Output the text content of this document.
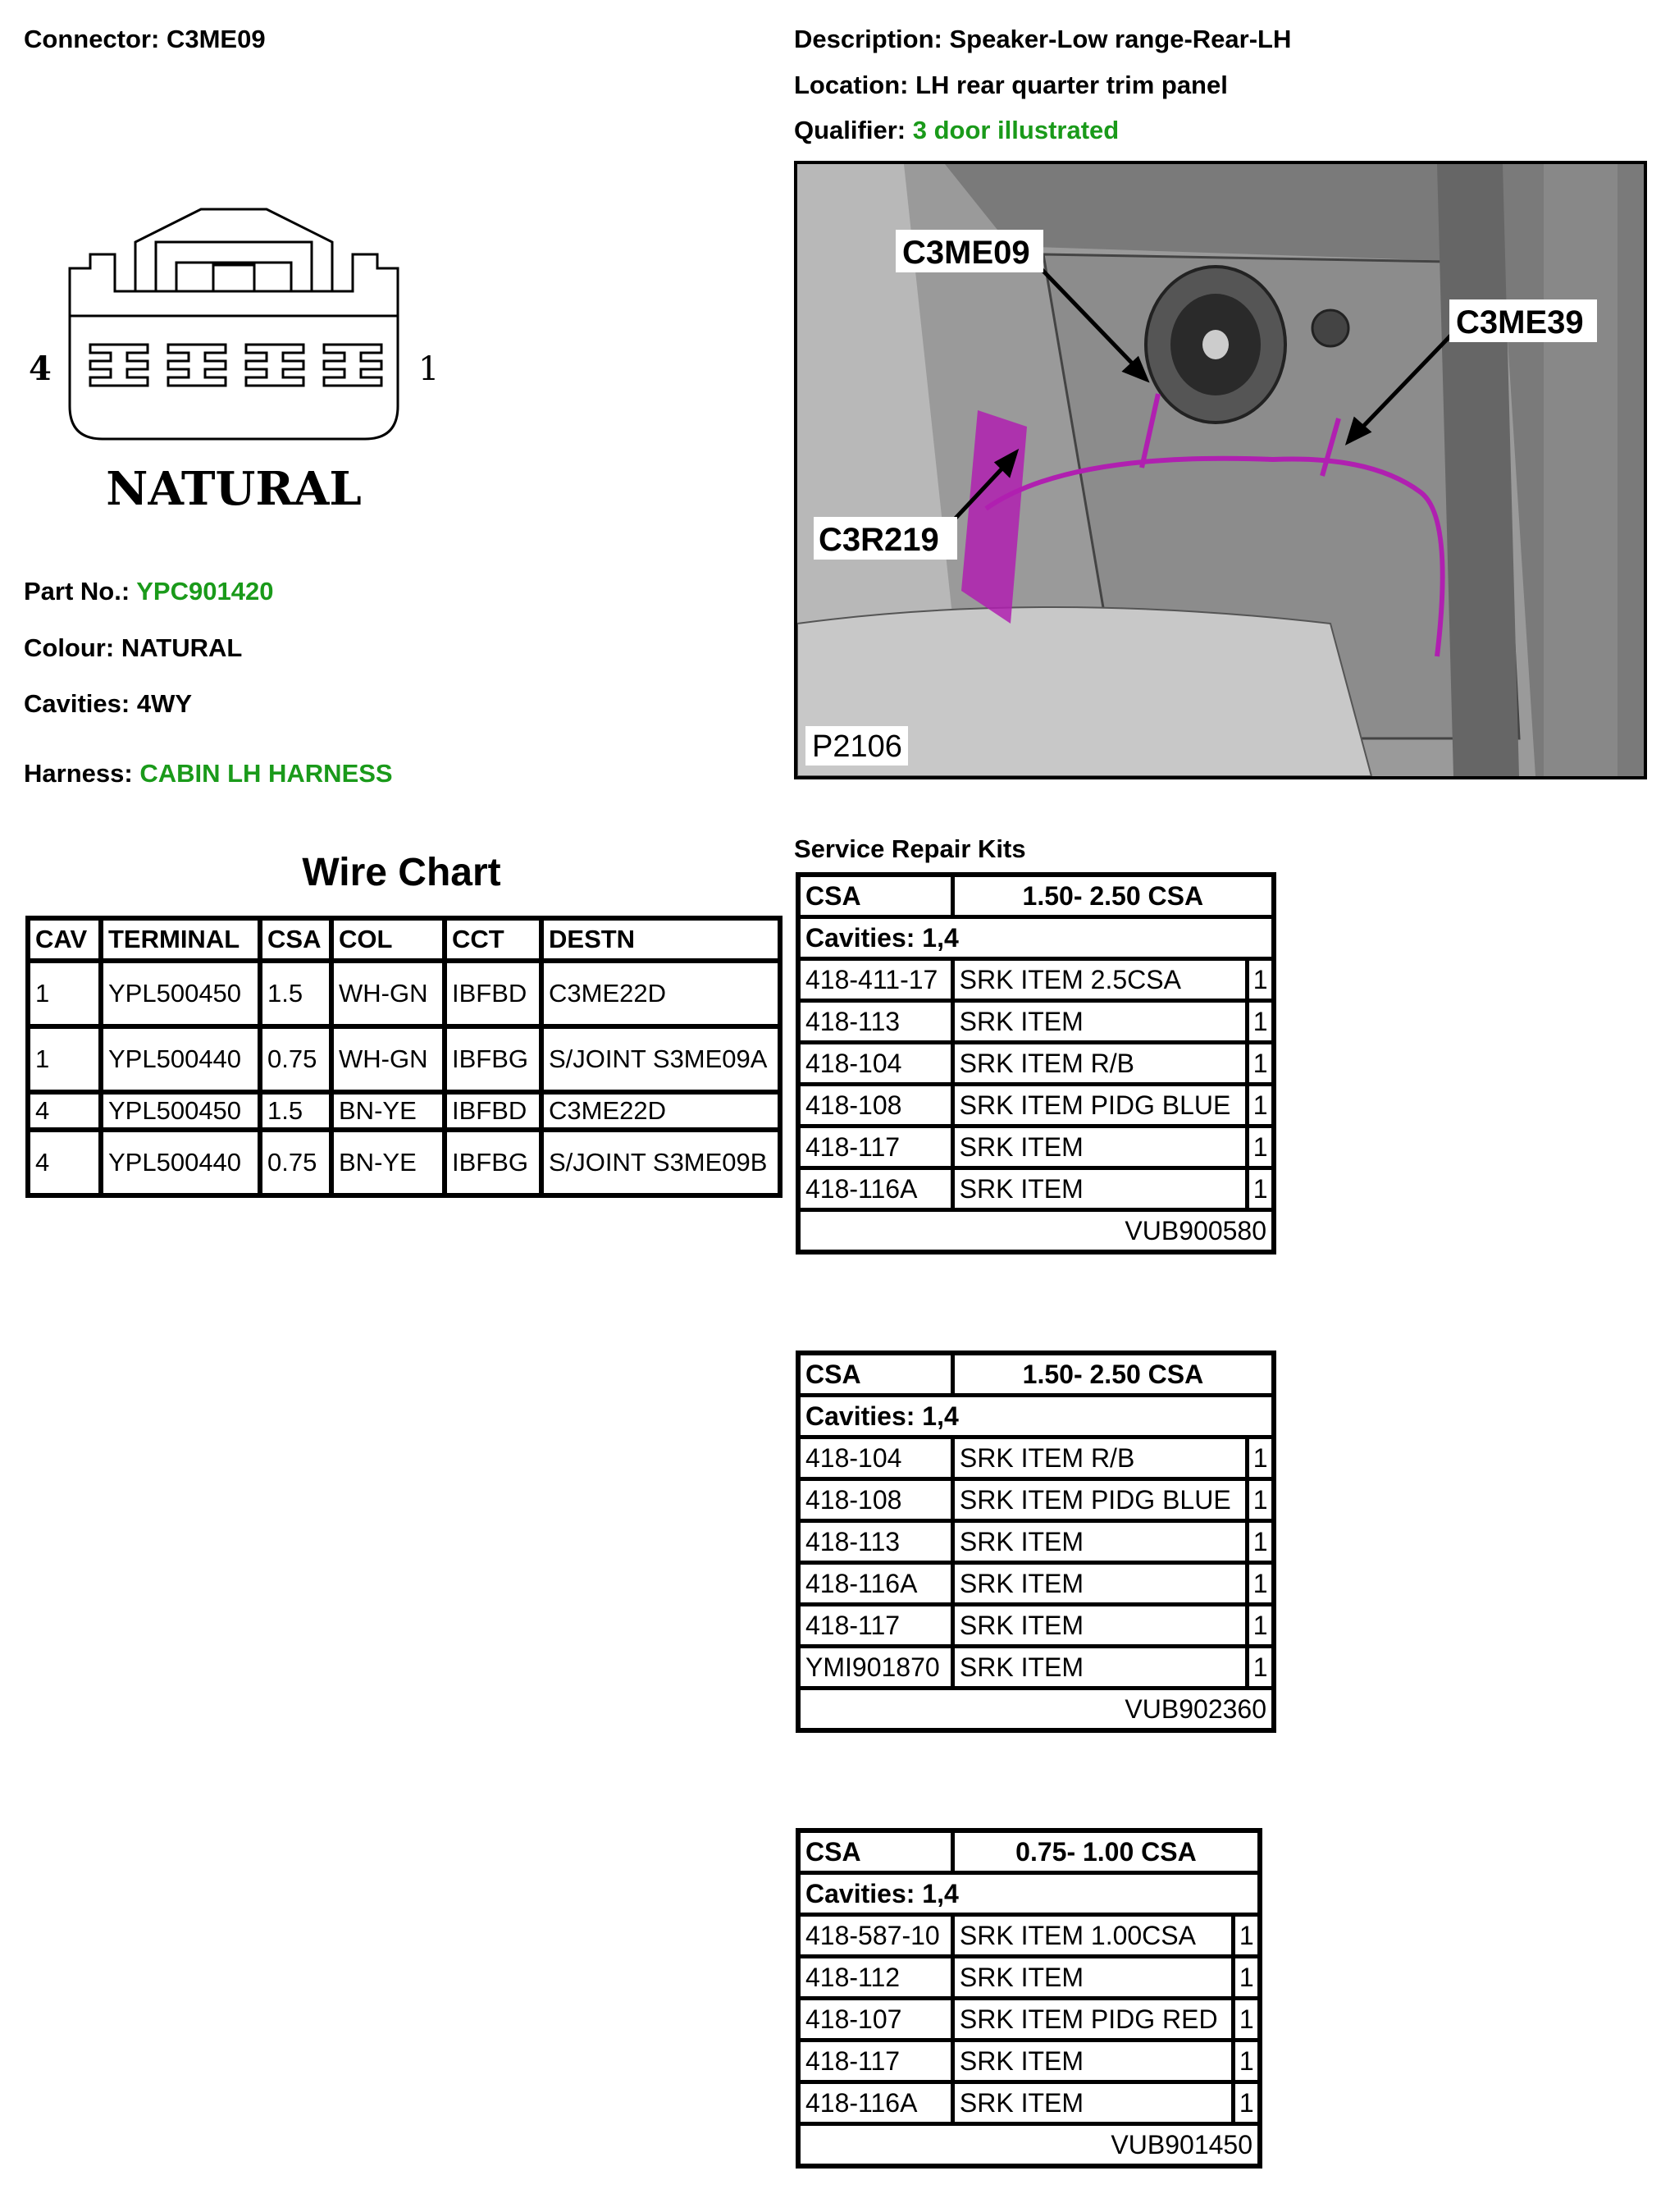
Connector: C3ME09
4	1
NATURAL
Part No.: YPC901420
Colour: NATURAL
Cavities: 4WY
Harness: CABIN LH HARNESS
Description: Speaker-Low range-Rear-LH
Location: LH rear quarter trim panel
Qualifier: 3 door illustrated
C3ME09
C3ME39
C3R219
P2106
Wire Chart
CAV	TERMINAL	CSA	COL	CCT	DESTN
1	YPL500450	1.5	WH-GN	IBFBD	C3ME22D
1	YPL500440	0.75	WH-GN	IBFBG	S/JOINT S3ME09A
4	YPL500450	1.5	BN-YE	IBFBD	C3ME22D
4	YPL500440	0.75	BN-YE	IBFBG	S/JOINT S3ME09B
Service Repair Kits
CSA	1.50- 2.50 CSA	
Cavities: 1,4		
418-411-17	SRK ITEM 2.5CSA	1
418-113	SRK ITEM	1
418-104	SRK ITEM R/B	1
418-108	SRK ITEM PIDG BLUE	1
418-117	SRK ITEM	1
418-116A	SRK ITEM	1
VUB900580		
CSA	1.50- 2.50 CSA	
Cavities: 1,4		
418-104	SRK ITEM R/B	1
418-108	SRK ITEM PIDG BLUE	1
418-113	SRK ITEM	1
418-116A	SRK ITEM	1
418-117	SRK ITEM	1
YMI901870	SRK ITEM	1
VUB902360		
CSA	0.75- 1.00 CSA	
Cavities: 1,4		
418-587-10	SRK ITEM 1.00CSA	1
418-112	SRK ITEM	1
418-107	SRK ITEM PIDG RED	1
418-117	SRK ITEM	1
418-116A	SRK ITEM	1
VUB901450		
